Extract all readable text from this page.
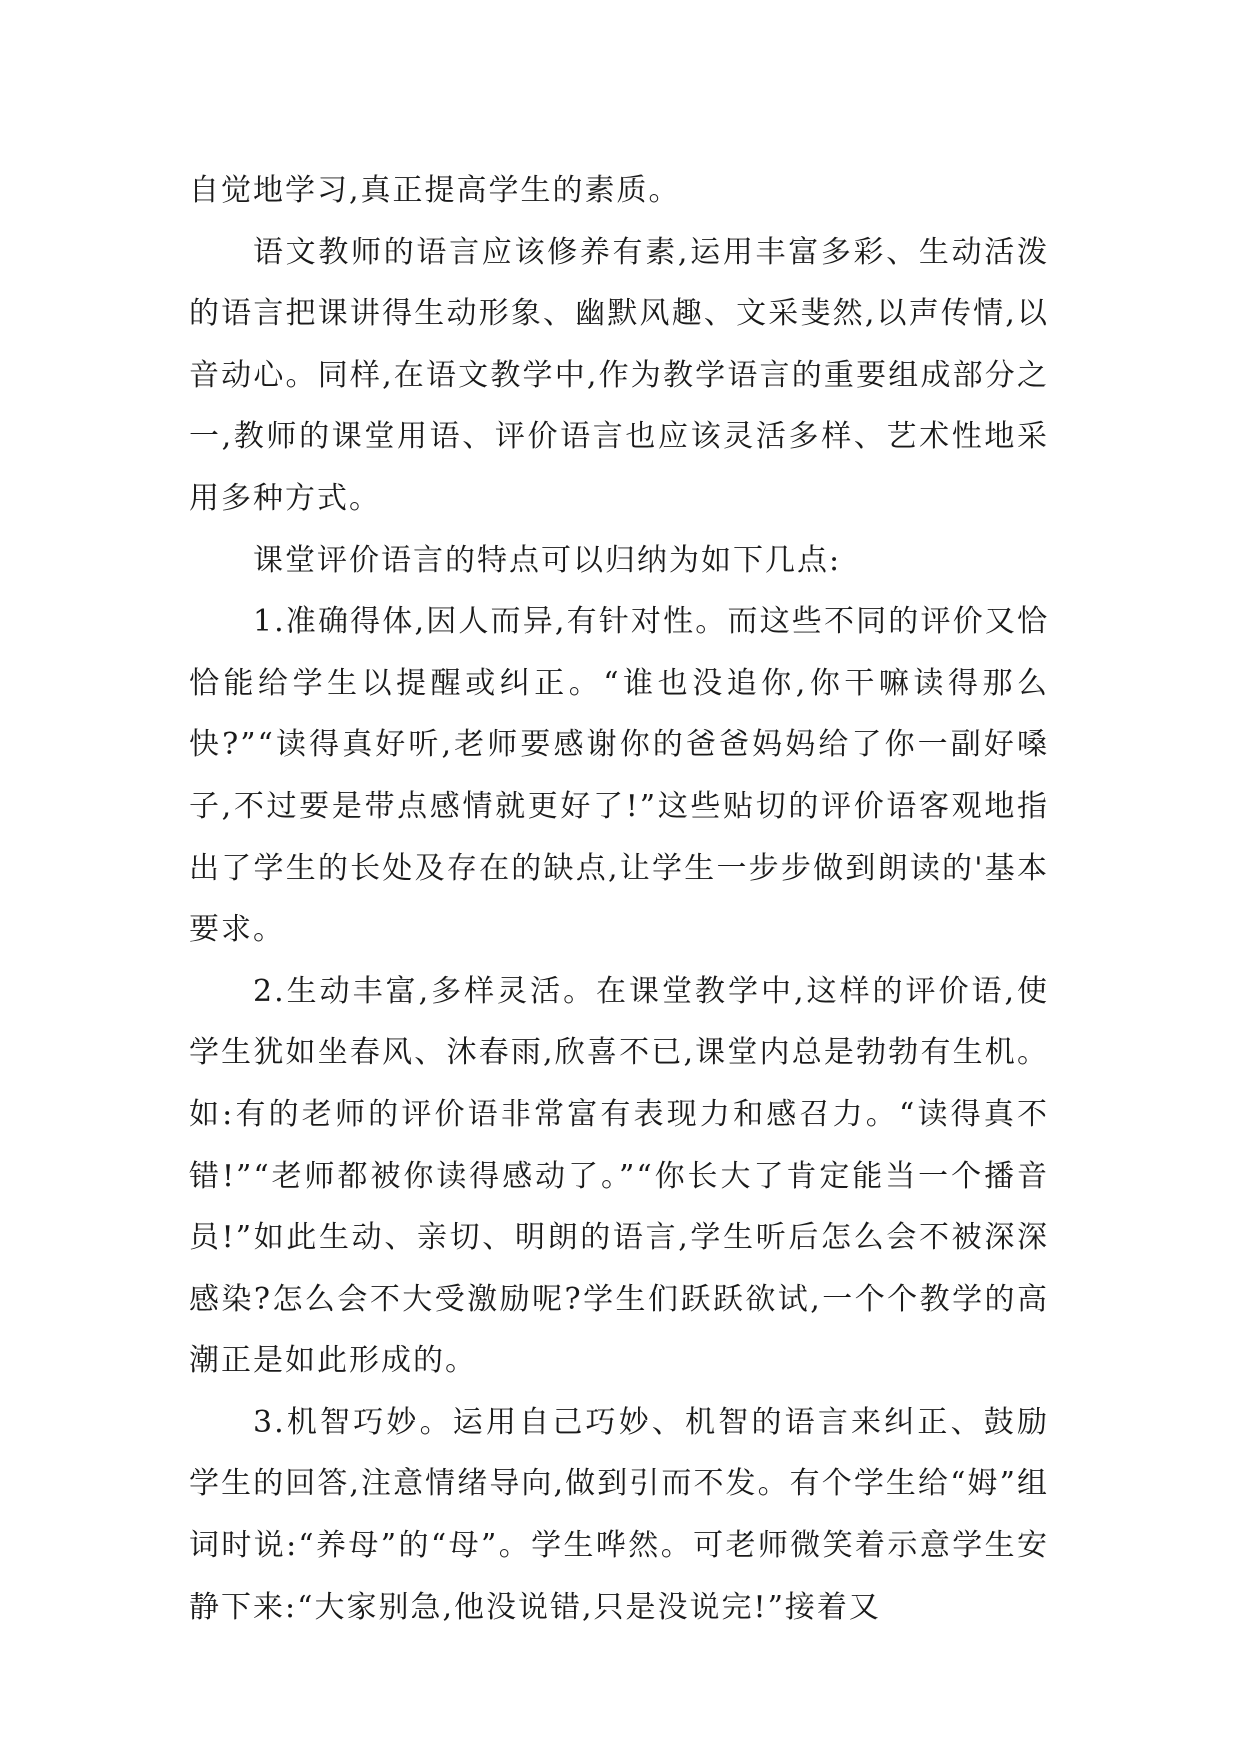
自觉地学习,真正提高学生的素质。

语文教师的语言应该修养有素,运用丰富多彩、生动活泼的语言把课讲得生动形象、幽默风趣、文采斐然,以声传情,以音动心。同样,在语文教学中,作为教学语言的重要组成部分之一,教师的课堂用语、评价语言也应该灵活多样、艺术性地采用多种方式。

课堂评价语言的特点可以归纳为如下几点:

1.准确得体,因人而异,有针对性。而这些不同的评价又恰恰能给学生以提醒或纠正。“谁也没追你,你干嘛读得那么快?”“读得真好听,老师要感谢你的爸爸妈妈给了你一副好嗓子,不过要是带点感情就更好了!”这些贴切的评价语客观地指出了学生的长处及存在的缺点,让学生一步步做到朗读的'基本要求。

2.生动丰富,多样灵活。在课堂教学中,这样的评价语,使学生犹如坐春风、沐春雨,欣喜不已,课堂内总是勃勃有生机。如:有的老师的评价语非常富有表现力和感召力。“读得真不错!”“老师都被你读得感动了。”“你长大了肯定能当一个播音员!”如此生动、亲切、明朗的语言,学生听后怎么会不被深深感染?怎么会不大受激励呢?学生们跃跃欲试,一个个教学的高潮正是如此形成的。

3.机智巧妙。运用自己巧妙、机智的语言来纠正、鼓励学生的回答,注意情绪导向,做到引而不发。有个学生给“姆”组词时说:“养母”的“母”。学生哗然。可老师微笑着示意学生安静下来:“大家别急,他没说错,只是没说完!”接着又
